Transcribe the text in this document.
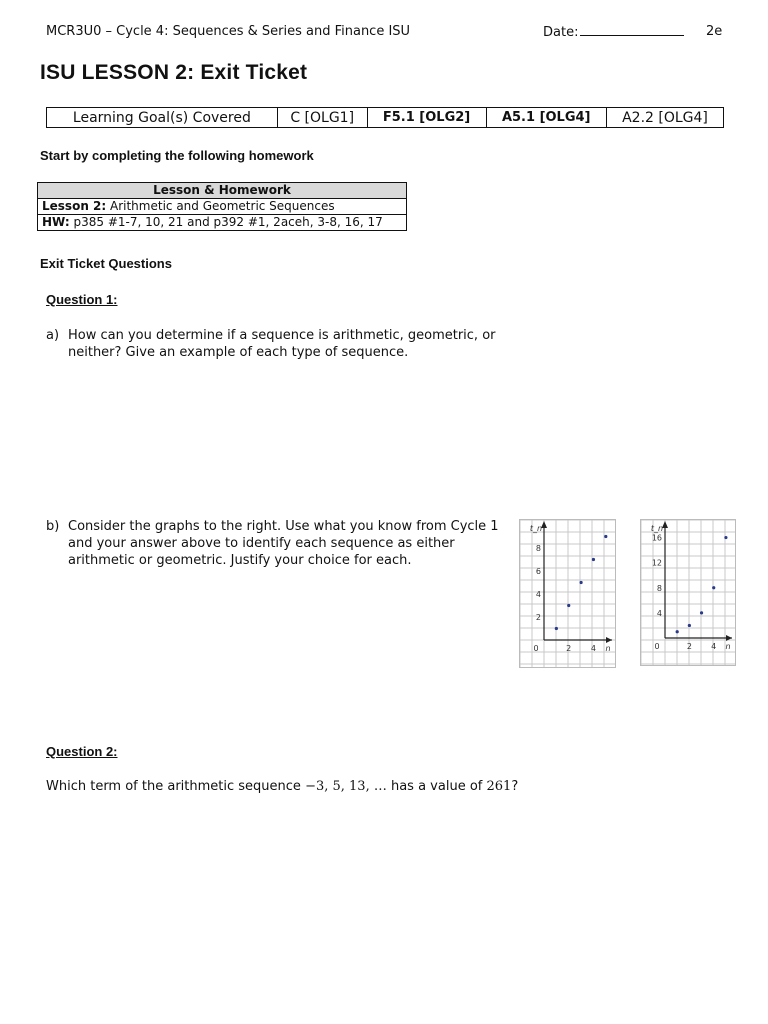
MCR3U0 – Cycle 4: Sequences & Series and Finance ISU	Date:	2e
ISU LESSON 2: Exit Ticket
Learning Goal(s) Covered	C [OLG1]	F5.1 [OLG2]	A5.1 [OLG4]	A2.2 [OLG4]
Start by completing the following homework
Lesson & Homework
Lesson 2: Arithmetic and Geometric Sequences
HW: p385 #1-7, 10, 21 and p392 #1, 2aceh, 3-8, 16, 17
Exit Ticket Questions
Question 1:
a) How can you determine if a sequence is arithmetic, geometric, or neither? Give an example of each type of sequence.
b) Consider the graphs to the right. Use what you know from Cycle 1 and your answer above to identify each sequence as either arithmetic or geometric. Justify your choice for each.
0	2 4
2
4
6
8
n
t_n
0	2 4
4
8
12
16
n
t_n
Question 2:
Which term of the arithmetic sequence −3, 5, 13, … has a value of 261?
